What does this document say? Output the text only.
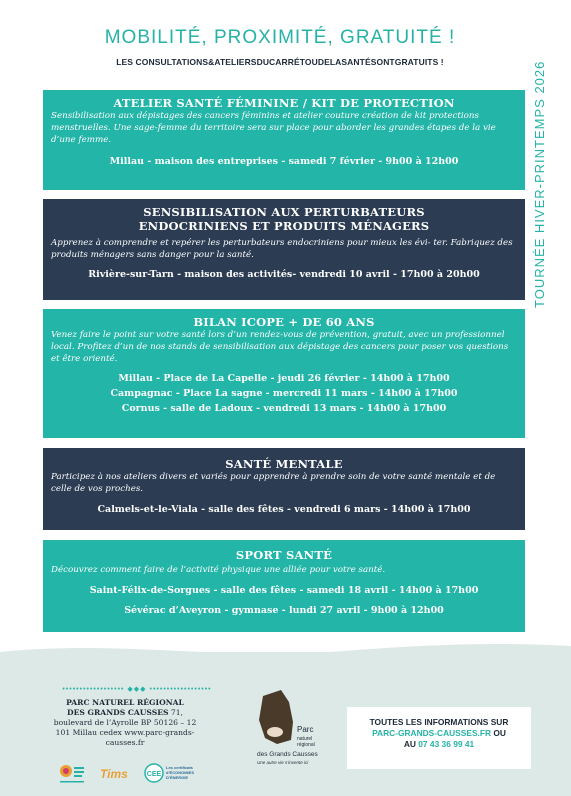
MOBILITÉ, PROXIMITÉ, GRATUITÉ !
LES CONSULTATIONS&ATELIERSDUCARRÉTOUDELASANTÉSONTGRATUITS !	TOURNÉE HIVER-PRINTEMPS 2026
ATELIER SANTÉ FÉMININE / KIT DE PROTECTION

Sensibilisation aux dépistages des cancers féminins et atelier couture création de kit protections menstruelles. Une sage-femme du territoire sera sur place pour aborder les grandes étapes de la vie d’une femme.

Millau - maison des entreprises - samedi 7 février - 9h00 à 12h00

SENSIBILISATION AUX PERTURBATEURS
ENDOCRINIENS ET PRODUITS MÉNAGERS

Apprenez à comprendre et repérer les perturbateurs endocriniens pour mieux les évi- ter. Fabriquez des produits ménagers sans danger pour la santé.

Rivière-sur-Tarn - maison des activités- vendredi 10 avril - 17h00 à 20h00

BILAN ICOPE + DE 60 ANS

Venez faire le point sur votre santé lors d’un rendez-vous de prévention, gratuit, avec un professionnel local. Profitez d’un de nos stands de sensibilisation aux dépistage des cancers pour poser vos questions et être orienté.

Millau - Place de La Capelle - jeudi 26 février - 14h00 à 17h00

Campagnac - Place La sagne - mercredi 11 mars - 14h00 à 17h00

Cornus - salle de Ladoux - vendredi 13 mars - 14h00 à 17h00

SANTÉ MENTALE

Participez à nos ateliers divers et variés pour apprendre à prendre soin de votre santé mentale et de celle de vos proches.

Calmels-et-le-Viala - salle des fêtes - vendredi 6 mars - 14h00 à 17h00

SPORT SANTÉ

Découvrez comment faire de l’activité physique une alliée pour votre santé.

Saint-Félix-de-Sorgues - salle des fêtes - samedi 18 avril - 14h00 à 17h00

Sévérac d’Aveyron - gymnase - lundi 27 avril - 9h00 à 12h00

•••••••••••••••••• ◆◆◆ ••••••••••••••••••
PARC NATUREL RÉGIONAL
DES GRANDS CAUSSES 71, boulevard de l’Ayrolle BP 50126 – 12 101 Millau cedex www.parc-grands-causses.fr
Tims	CEE
Les certificats d’ÉCONOMIES D’ÉNERGIE
Parc
naturel
régional
des Grands Causses
Une autre vie s’invente ici
TOUTES LES INFORMATIONS SUR
PARC-GRANDS-CAUSSES.FR OU
AU 07 43 36 99 41
